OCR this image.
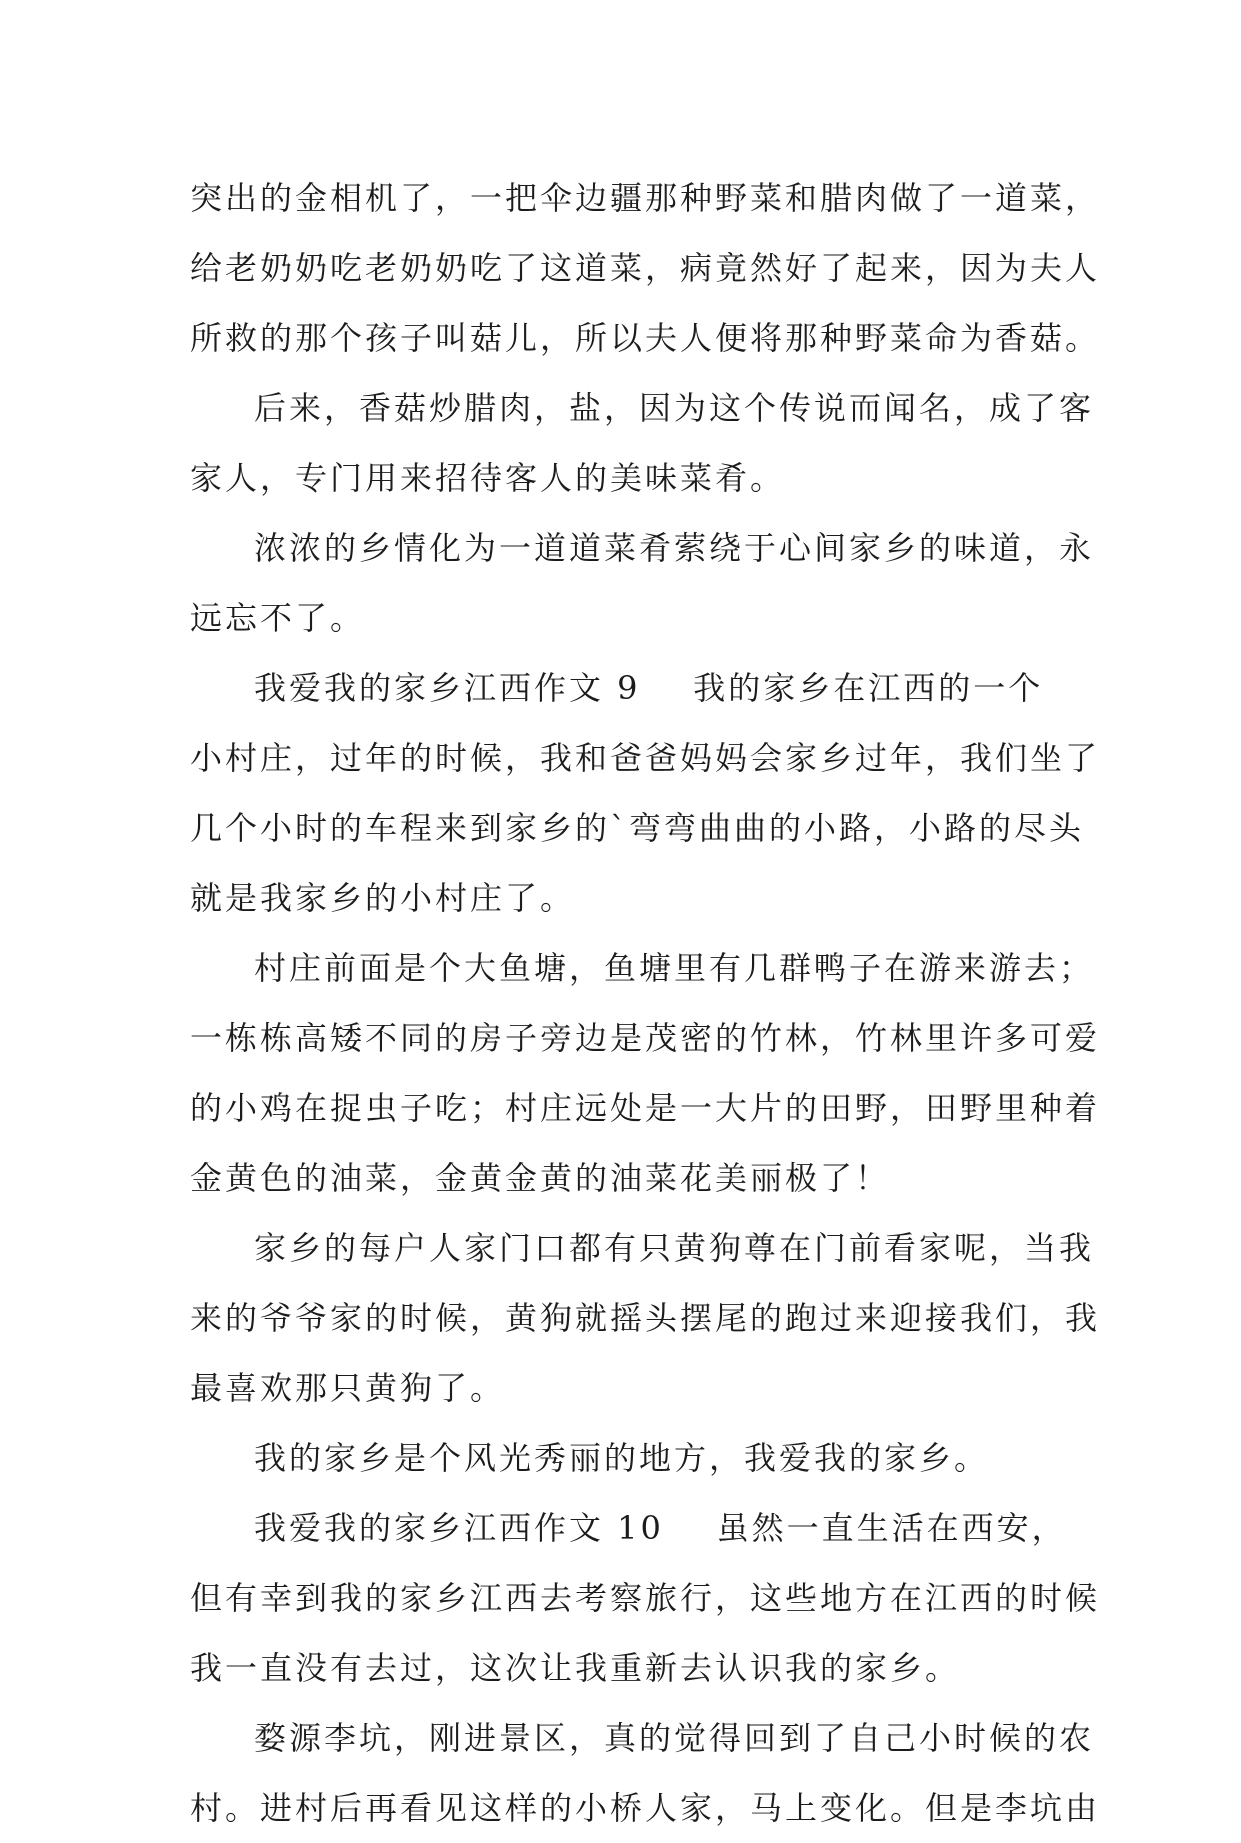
突出的金相机了，一把伞边疆那种野菜和腊肉做了一道菜，
给老奶奶吃老奶奶吃了这道菜，病竟然好了起来，因为夫人
所救的那个孩子叫菇儿，所以夫人便将那种野菜命为香菇。
后来，香菇炒腊肉，盐，因为这个传说而闻名，成了客
家人，专门用来招待客人的美味菜肴。
浓浓的乡情化为一道道菜肴萦绕于心间家乡的味道，永
远忘不了。
我爱我的家乡江西作文 9    我的家乡在江西的一个
小村庄，过年的时候，我和爸爸妈妈会家乡过年，我们坐了
几个小时的车程来到家乡的`弯弯曲曲的小路，小路的尽头
就是我家乡的小村庄了。
村庄前面是个大鱼塘，鱼塘里有几群鸭子在游来游去；
一栋栋高矮不同的房子旁边是茂密的竹林，竹林里许多可爱
的小鸡在捉虫子吃；村庄远处是一大片的田野，田野里种着
金黄色的油菜，金黄金黄的油菜花美丽极了！
家乡的每户人家门口都有只黄狗尊在门前看家呢，当我
来的爷爷家的时候，黄狗就摇头摆尾的跑过来迎接我们，我
最喜欢那只黄狗了。
我的家乡是个风光秀丽的地方，我爱我的家乡。
我爱我的家乡江西作文 10    虽然一直生活在西安，
但有幸到我的家乡江西去考察旅行，这些地方在江西的时候
我一直没有去过，这次让我重新去认识我的家乡。
婺源李坑，刚进景区，真的觉得回到了自己小时候的农
村。进村后再看见这样的小桥人家，马上变化。但是李坑由
